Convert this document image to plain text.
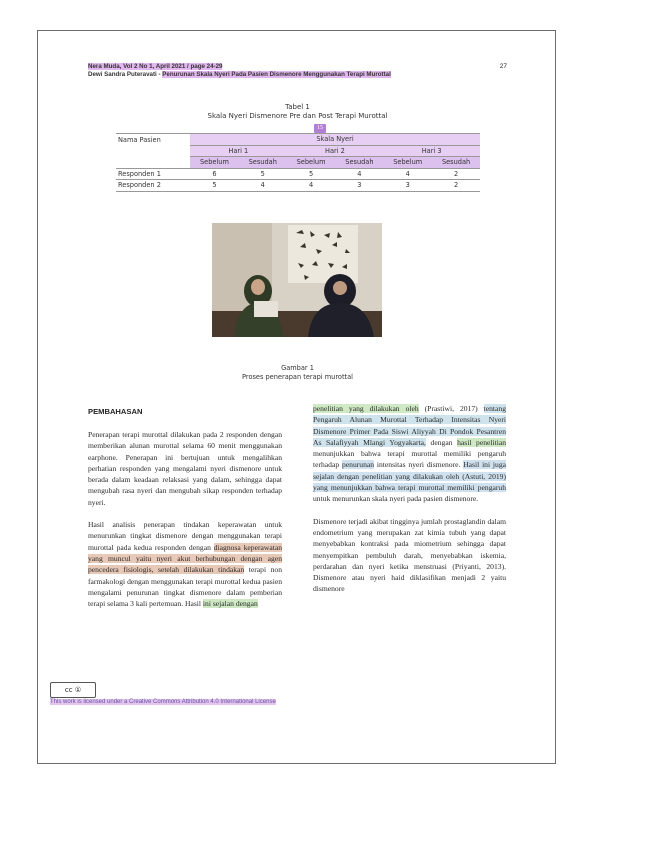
Nera Muda, Vol 2 No 1, April 2021 / page 24-29
Dewi Sandra Puteravati - Penurunan Skala Nyeri Pada Pasien Dismenore Menggunakan Terapi Murottal
27
Tabel 1
Skala Nyeri Dismenore Pre dan Post Terapi Murottal
15
Nama Pasien	Skala Nyeri					
	Hari 1		Hari 2		Hari 3	
	Sebelum	Sesudah	Sebelum	Sesudah	Sebelum	Sesudah
Responden 1	6	5	5	4	4	2
Responden 2	5	4	4	3	3	2
Gambar 1
Proses penerapan terapi murottal
PEMBAHASAN

Penerapan terapi murottal dilakukan pada 2 responden dengan memberikan alunan murottal selama 60 menit menggunakan earphone. Penerapan ini bertujuan untuk mengalihkan perhatian responden yang mengalami nyeri dismenore untuk berada dalam keadaan relaksasi yang dalam, sehingga dapat mengubah rasa nyeri dan mengubah sikap responden terhadap nyeri.

Hasil analisis penerapan tindakan keperawatan untuk menurunkan tingkat dismenore dengan menggunakan terapi murottal pada kedua responden dengan diagnosa keperawatan yang muncul yaitu nyeri akut berhubungan dengan agen pencedera fisiologis, setelah dilakukan tindakan terapi non farmakologi dengan menggunakan terapi murottal kedua pasien mengalami penurunan tingkat dismenore dalam pemberian terapi selama 3 kali pertemuan. Hasil ini sejalan dengan

penelitian yang dilakukan oleh (Prastiwi, 2017) tentang Pengaruh Alunan Murottal Terhadap Intensitas Nyeri Dismenore Primer Pada Siswi Aliyyah Di Pondok Pesantren As Salafiyyah Mlangi Yogyakarta, dengan hasil penelitian menunjukkan bahwa terapi murottal memiliki pengaruh terhadap penurunan intensitas nyeri dismenore. Hasil ini juga sejalan dengan penelitian yang dilakukan oleh (Astuti, 2019) yang menunjukkan bahwa terapi murottal memiliki pengaruh untuk menurunkan skala nyeri pada pasien dismenore.

Dismenore terjadi akibat tingginya jumlah prostaglandin dalam endometrium yang merupakan zat kimia tubuh yang dapat menyebabkan kontraksi pada miometrium sehingga dapat menyempitkan pembuluh darah, menyebabkan iskemia, perdarahan dan nyeri ketika menstruasi (Priyanti, 2013). Dismenore atau nyeri haid diklasifikan menjadi 2 yaitu dismenore

cc ①
This work is licensed under a Creative Commons Attribution 4.0 International License
